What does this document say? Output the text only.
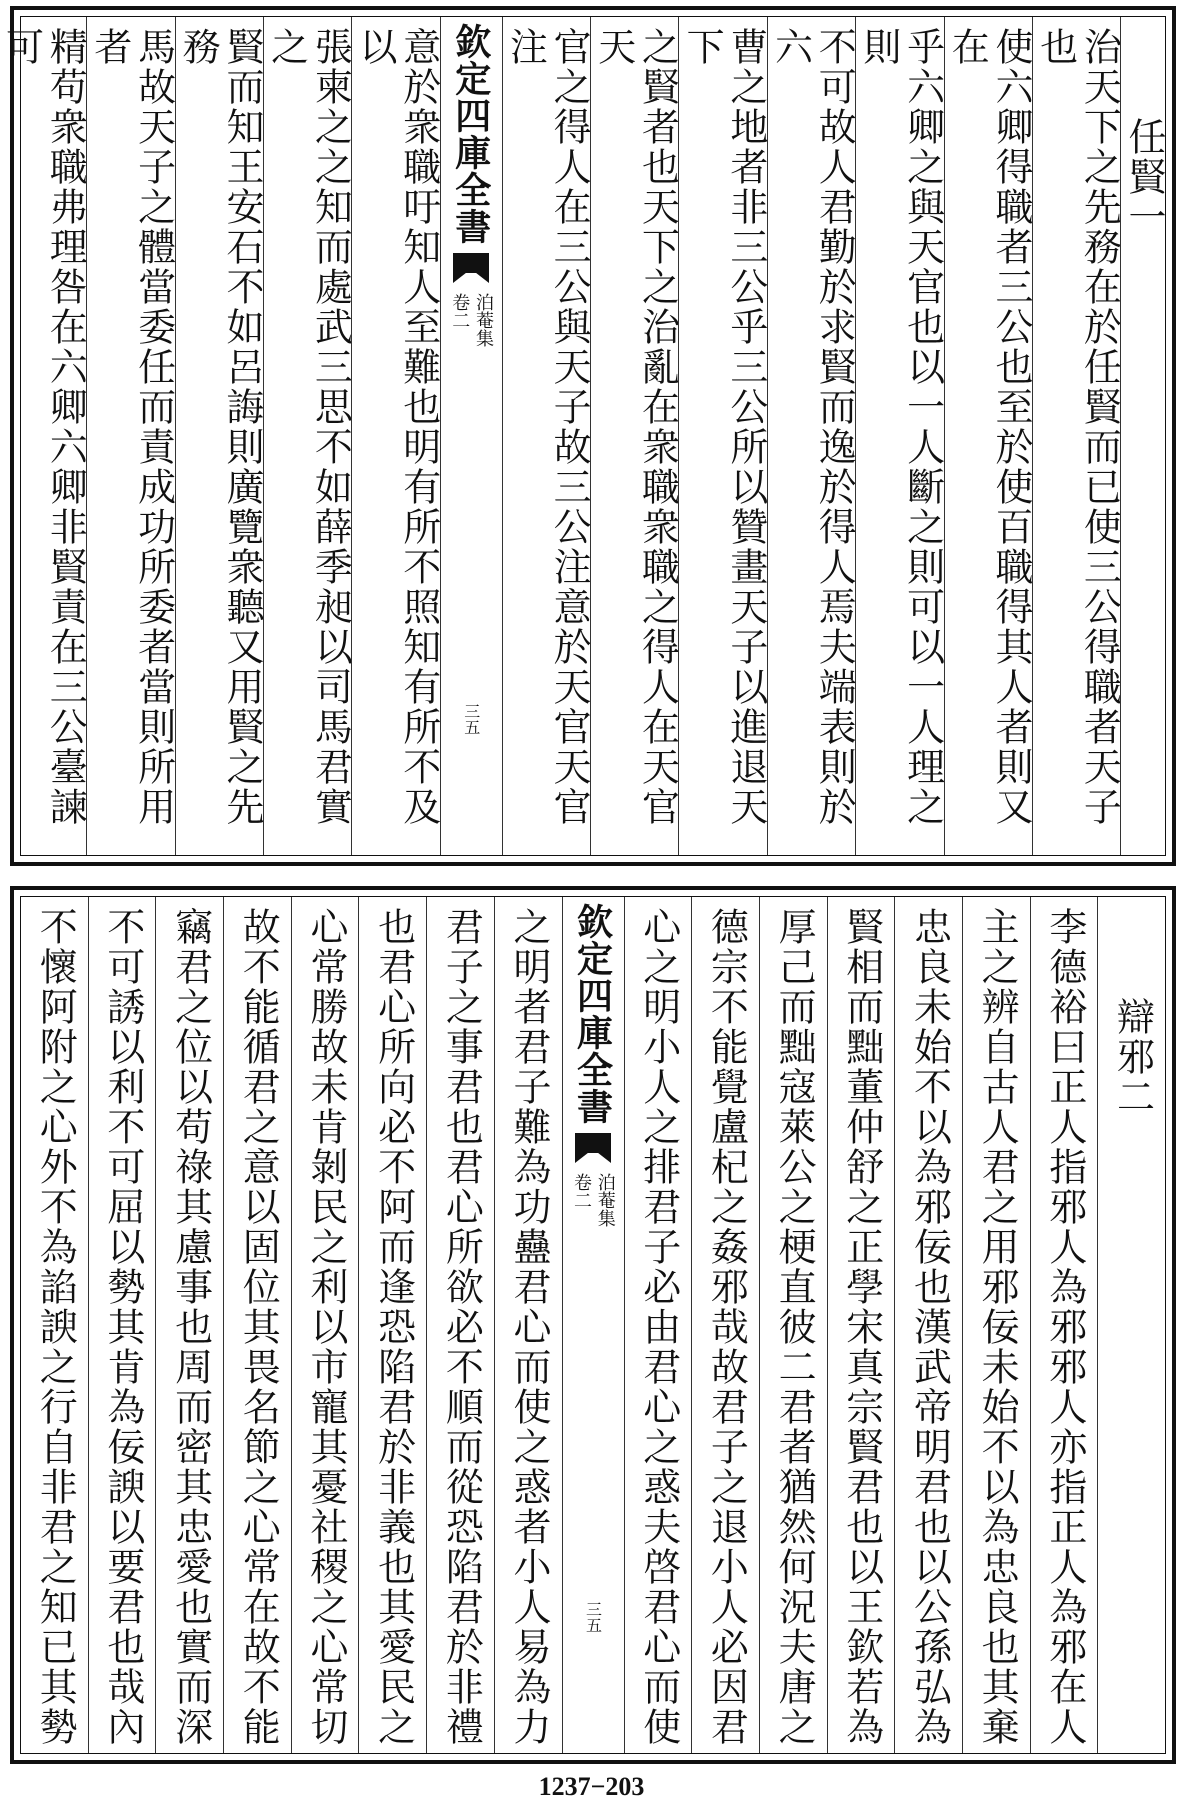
任賢一
治天下之先務在於任賢而已使三公得職者天子也
使六卿得職者三公也至於使百職得其人者則又在
乎六卿之與天官也以一人斷之則可以一人理之則
不可故人君勤於求賢而逸於得人焉夫端表則於六
曹之地者非三公乎三公所以贊畫天子以進退天下
之賢者也天下之治亂在衆職衆職之得人在天官天
官之得人在三公與天子故三公注意於天官天官注
欽定四庫全書
泊菴集
卷二
三五
意於衆職吁知人至難也明有所不照知有所不及以
張柬之之知而處武三思不如薛季昶以司馬君實之
賢而知王安石不如呂誨則廣覽衆聽又用賢之先務
馬故天子之體當委任而責成功所委者當則所用者
精苟衆職弗理咎在六卿六卿非賢責在三公臺諫可
辯邪二
李德裕曰正人指邪人為邪邪人亦指正人為邪在人
主之辨自古人君之用邪佞未始不以為忠良也其棄
忠良未始不以為邪佞也漢武帝明君也以公孫弘為
賢相而黜董仲舒之正學宋真宗賢君也以王欽若為
厚己而黜寇萊公之梗直彼二君者猶然何況夫唐之
德宗不能覺盧杞之姦邪哉故君子之退小人必因君
心之明小人之排君子必由君心之惑夫啓君心而使
欽定四庫全書
泊菴集
卷二
三五
之明者君子難為功蠱君心而使之惑者小人易為力
君子之事君也君心所欲必不順而從恐陷君於非禮
也君心所向必不阿而逢恐陷君於非義也其愛民之
心常勝故未肯剝民之利以市寵其憂社稷之心常切
故不能循君之意以固位其畏名節之心常在故不能
竊君之位以苟祿其慮事也周而密其忠愛也實而深
不可誘以利不可屈以勢其肯為佞諛以要君也哉內
不懷阿附之心外不為諂諛之行自非君之知已其勢
1237−203
